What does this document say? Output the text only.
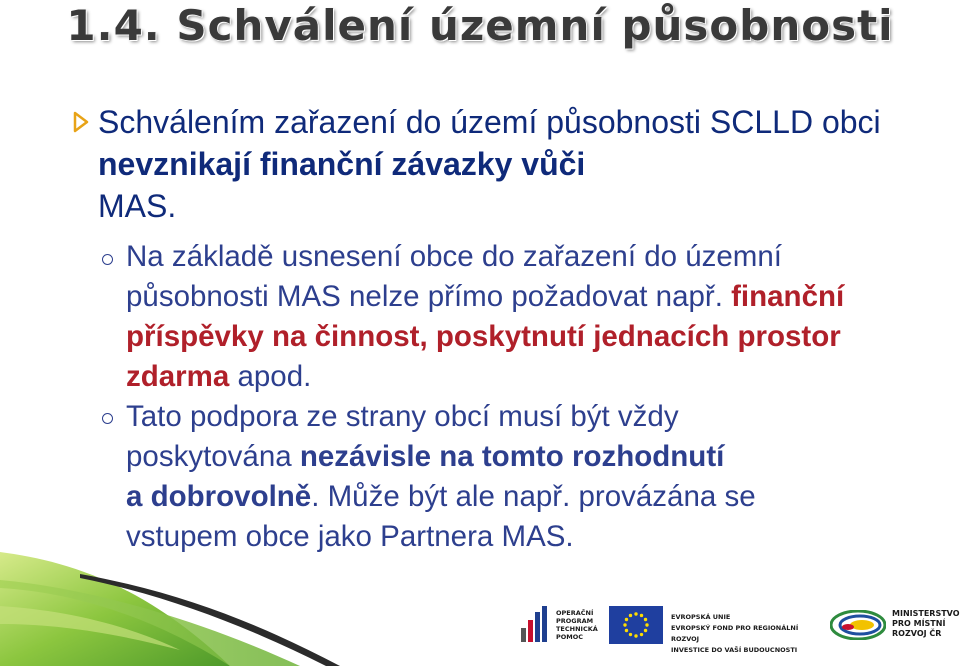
1.4. Schválení územní působnosti
Schválením zařazení do území působnosti SCLLD obci nevznikají finanční závazky vůči
MAS.
Na základě usnesení obce do zařazení do územní
působnosti MAS nelze přímo požadovat např. finanční
příspěvky na činnost, poskytnutí jednacích prostor
zdarma apod.
Tato podpora ze strany obcí musí být vždy
poskytována nezávisle na tomto rozhodnutí
a dobrovolně. Může být ale např. provázána se
vstupem obce jako Partnera MAS.
OPERAČNÍ
PROGRAM
TECHNICKÁ
POMOC
EVROPSKÁ UNIE
EVROPSKÝ FOND PRO REGIONÁLNÍ ROZVOJ
INVESTICE DO VAŠÍ BUDOUCNOSTI
MINISTERSTVO
PRO MÍSTNÍ
ROZVOJ ČR
